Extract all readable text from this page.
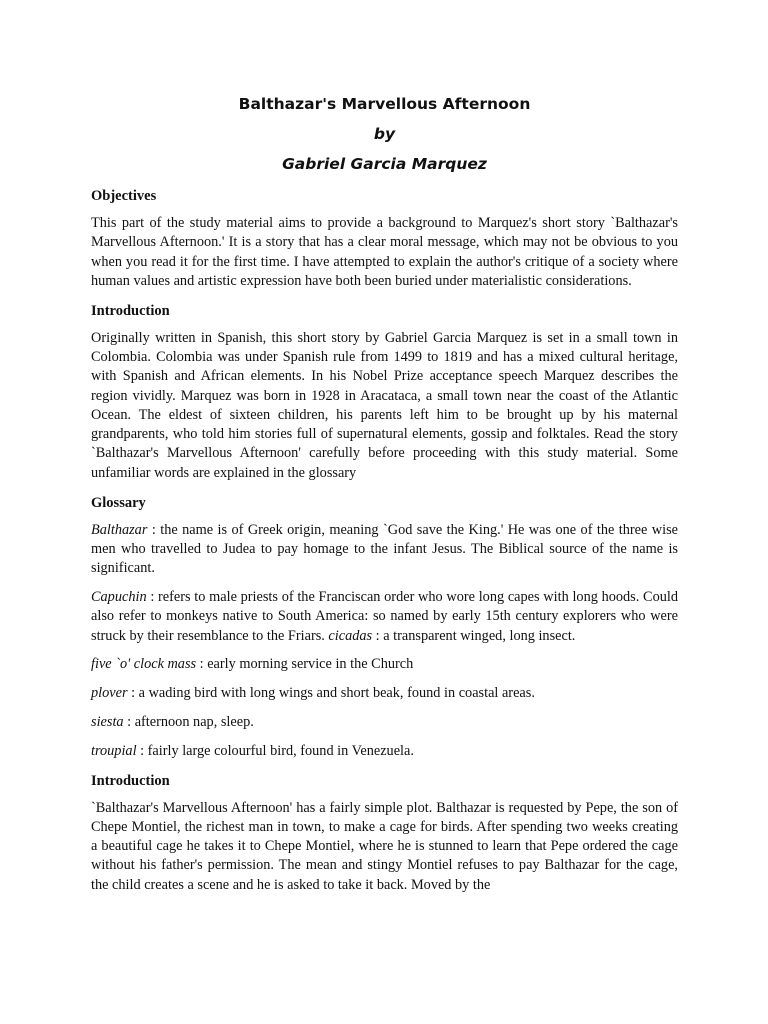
Balthazar's Marvellous Afternoon

by

Gabriel Garcia Marquez

Objectives

This part of the study material aims to provide a background to Marquez's short story `Balthazar's Marvellous Afternoon.' It is a story that has a clear moral message, which may not be obvious to you when you read it for the first time. I have attempted to explain the author's critique of a society where human values and artistic expression have both been buried under materialistic considerations.

Introduction

Originally written in Spanish, this short story by Gabriel Garcia Marquez is set in a small town in Colombia. Colombia was under Spanish rule from 1499 to 1819 and has a mixed cultural heritage, with Spanish and African elements. In his Nobel Prize acceptance speech Marquez describes the region vividly. Marquez was born in 1928 in Aracataca, a small town near the coast of the Atlantic Ocean. The eldest of sixteen children, his parents left him to be brought up by his maternal grandparents, who told him stories full of supernatural elements, gossip and folktales. Read the story `Balthazar's Marvellous Afternoon' carefully before proceeding with this study material. Some unfamiliar words are explained in the glossary

Glossary

Balthazar : the name is of Greek origin, meaning `God save the King.' He was one of the three wise men who travelled to Judea to pay homage to the infant Jesus. The Biblical source of the name is significant.

Capuchin : refers to male priests of the Franciscan order who wore long capes with long hoods. Could also refer to monkeys native to South America: so named by early 15th century explorers who were struck by their resemblance to the Friars. cicadas : a transparent winged, long insect.

five `o' clock mass : early morning service in the Church

plover : a wading bird with long wings and short beak, found in coastal areas.

siesta : afternoon nap, sleep.

troupial : fairly large colourful bird, found in Venezuela.

Introduction

`Balthazar's Marvellous Afternoon' has a fairly simple plot. Balthazar is requested by Pepe, the son of Chepe Montiel, the richest man in town, to make a cage for birds. After spending two weeks creating a beautiful cage he takes it to Chepe Montiel, where he is stunned to learn that Pepe ordered the cage without his father's permission. The mean and stingy Montiel refuses to pay Balthazar for the cage, the child creates a scene and he is asked to take it back. Moved by the
